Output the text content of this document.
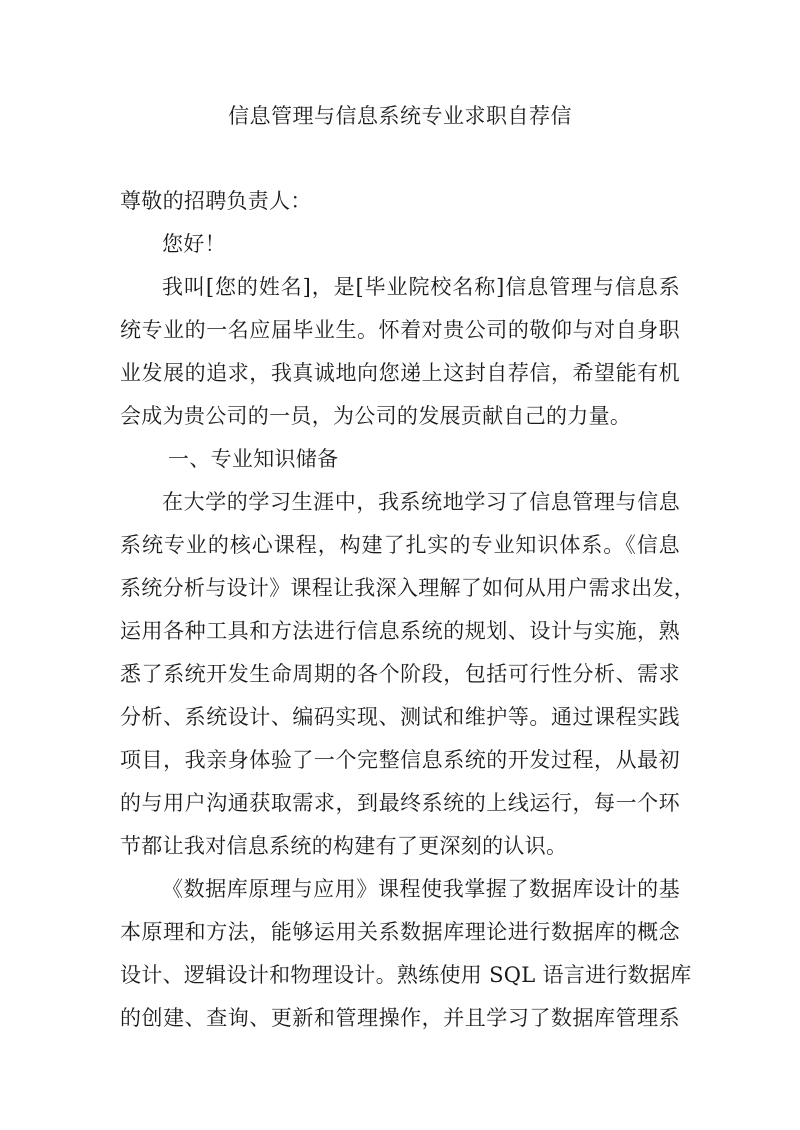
信息管理与信息系统专业求职自荐信
尊敬的招聘负责人：
您好！
我叫[您的姓名]，是[毕业院校名称]信息管理与信息系
统专业的一名应届毕业生。怀着对贵公司的敬仰与对自身职
业发展的追求，我真诚地向您递上这封自荐信，希望能有机
会成为贵公司的一员，为公司的发展贡献自己的力量。
一、专业知识储备
在大学的学习生涯中，我系统地学习了信息管理与信息
系统专业的核心课程，构建了扎实的专业知识体系。《信息
系统分析与设计》课程让我深入理解了如何从用户需求出发，
运用各种工具和方法进行信息系统的规划、设计与实施，熟
悉了系统开发生命周期的各个阶段，包括可行性分析、需求
分析、系统设计、编码实现、测试和维护等。通过课程实践
项目，我亲身体验了一个完整信息系统的开发过程，从最初
的与用户沟通获取需求，到最终系统的上线运行，每一个环
节都让我对信息系统的构建有了更深刻的认识。
《数据库原理与应用》课程使我掌握了数据库设计的基
本原理和方法，能够运用关系数据库理论进行数据库的概念
设计、逻辑设计和物理设计。熟练使用 SQL 语言进行数据库
的创建、查询、更新和管理操作，并且学习了数据库管理系
